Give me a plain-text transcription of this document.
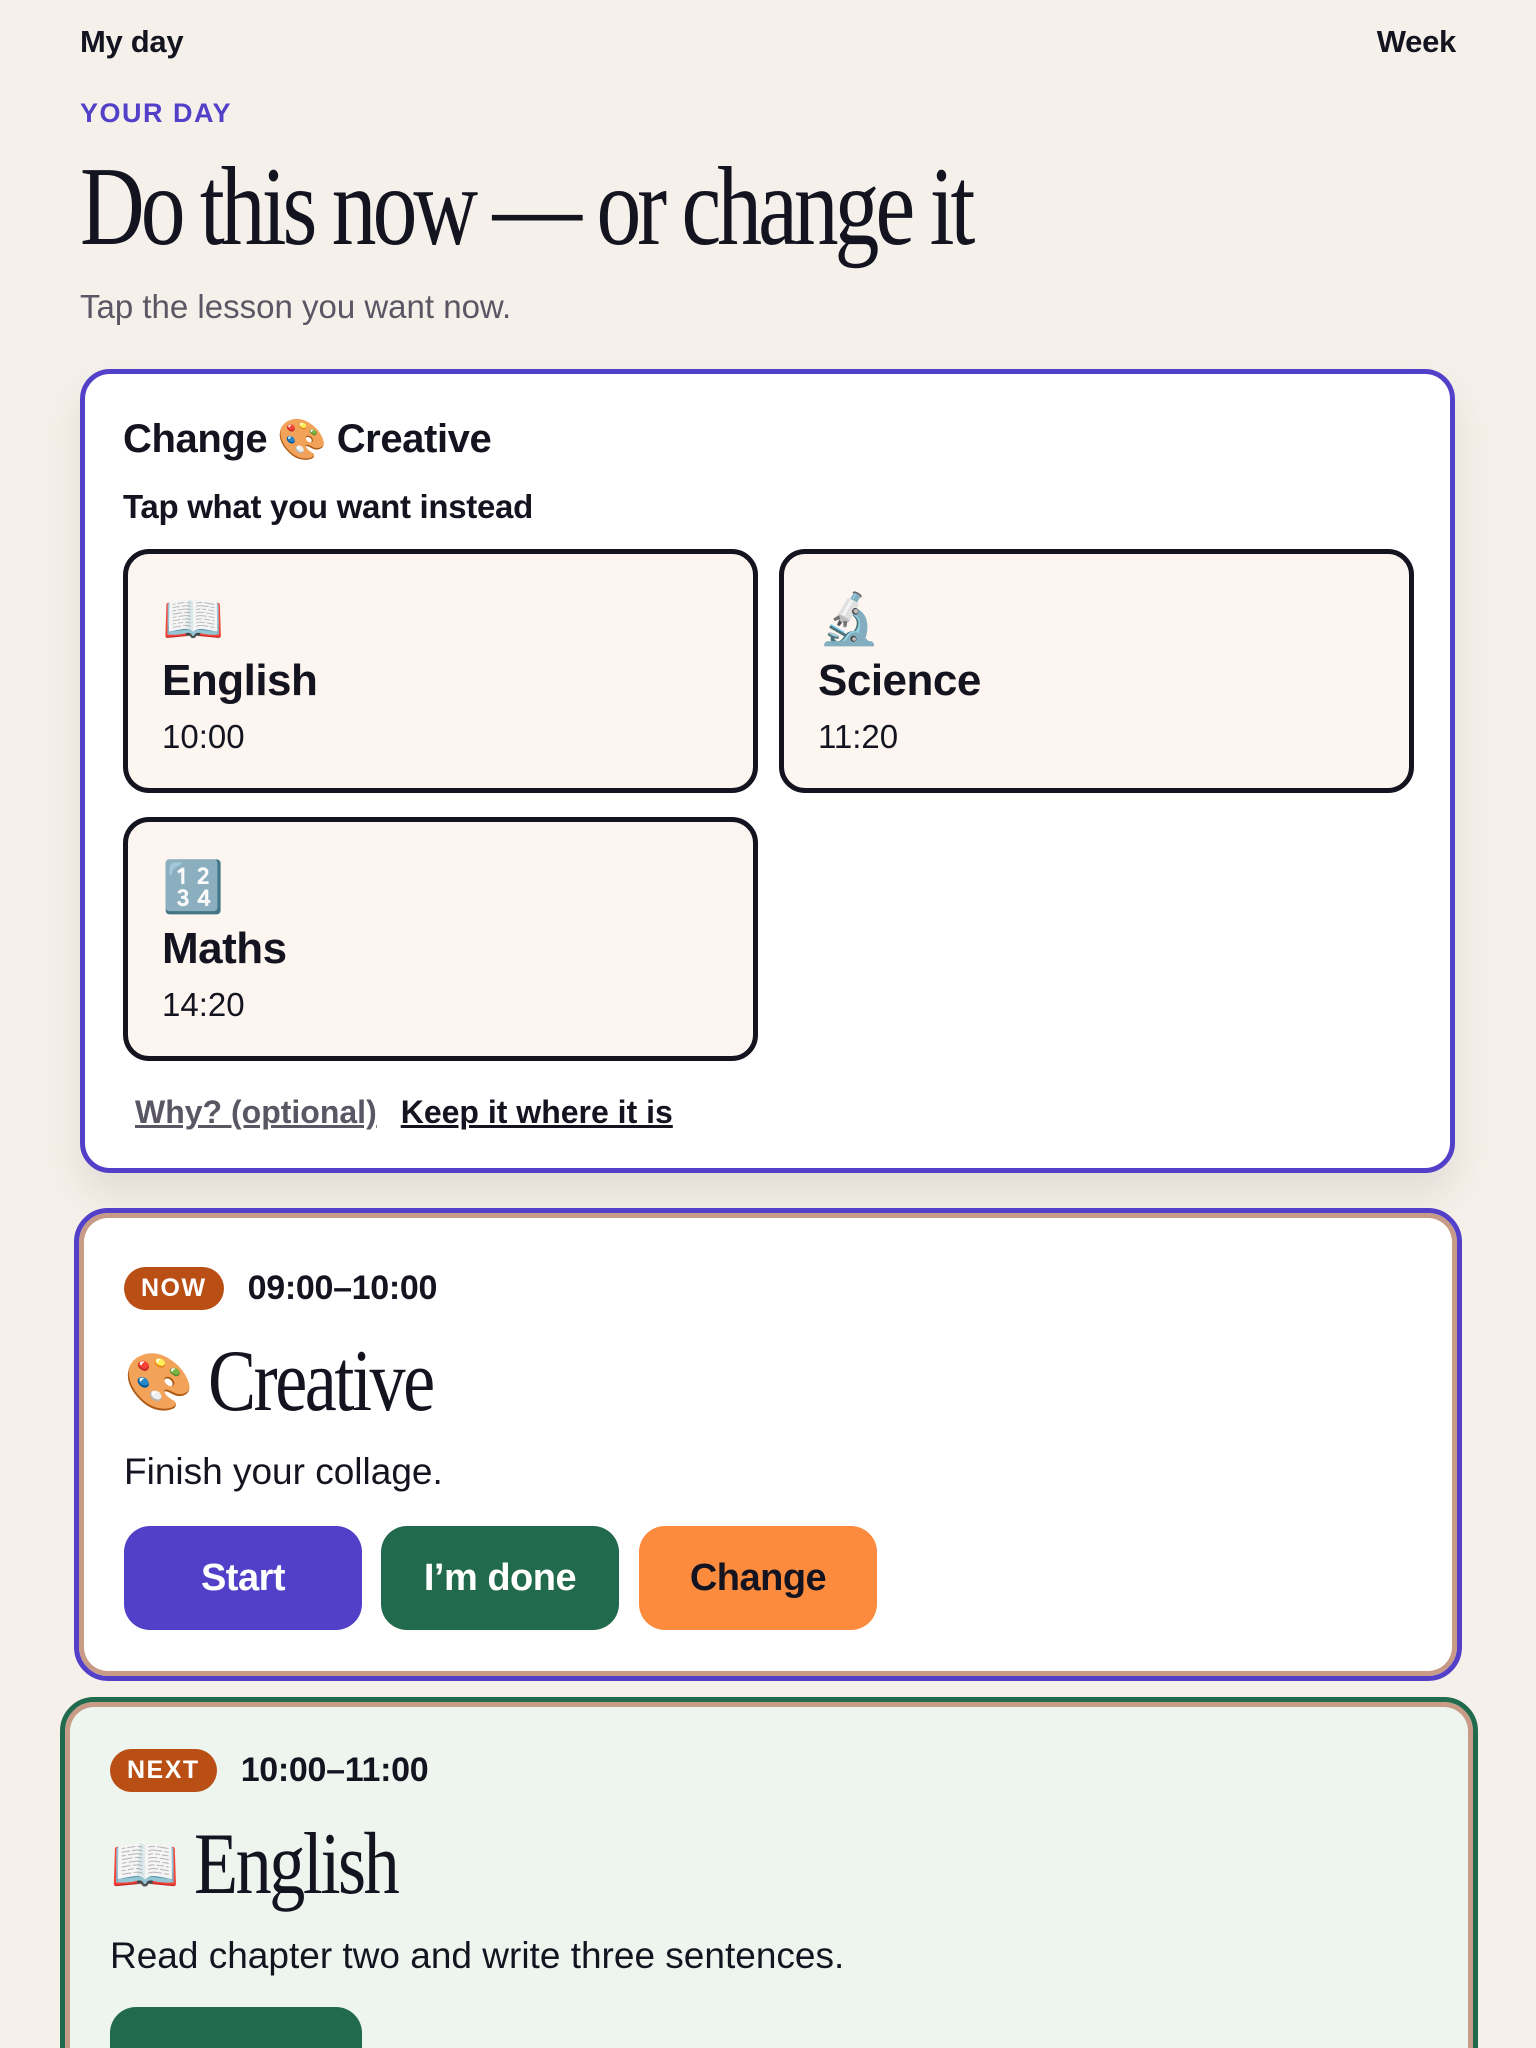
My day	Week
YOUR DAY
Do this now — or change it
Tap the lesson you want now.
Change 🎨 Creative
Tap what you want instead
📖
English
10:00
🔬
Science
11:20
🔢
Maths
14:20
Why? (optional) Keep it where it is
NOW	09:00–10:00
🎨 Creative
Finish your collage.
Start	I’m done	Change
NEXT	10:00–11:00
📖 English
Read chapter two and write three sentences.
